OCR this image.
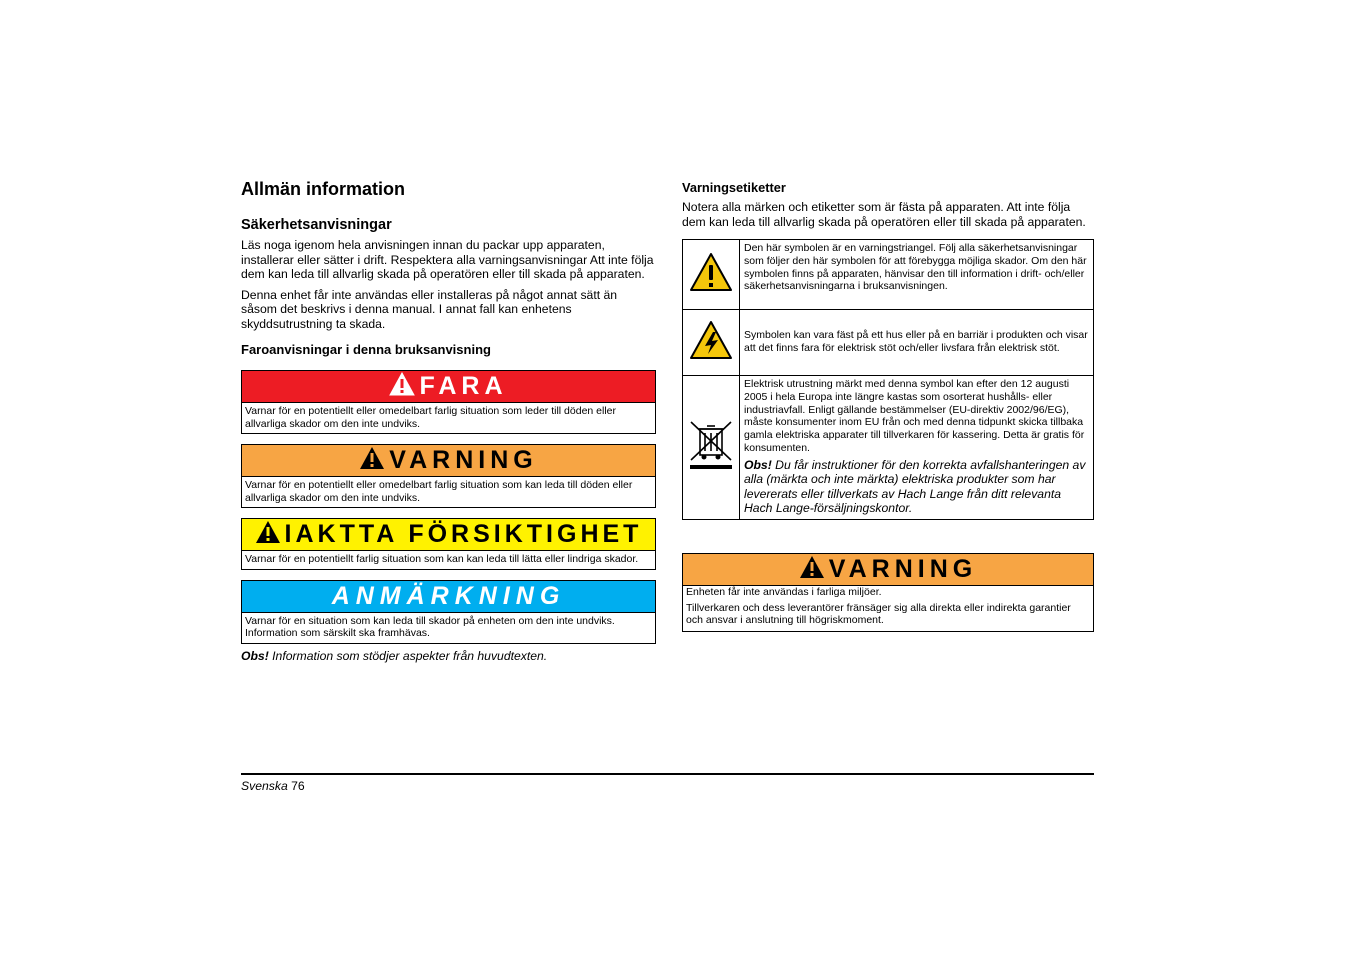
Allmän information
Säkerhetsanvisningar

Läs noga igenom hela anvisningen innan du packar upp apparaten, installerar eller sätter i drift. Respektera alla varningsanvisningar Att inte följa dem kan leda till allvarlig skada på operatören eller till skada på apparaten.

Denna enhet får inte användas eller installeras på något annat sätt än såsom det beskrivs i denna manual. I annat fall kan enhetens skyddsutrustning ta skada.

Faroanvisningar i denna bruksanvisning
FARA
Varnar för en potentiellt eller omedelbart farlig situation som leder till döden eller allvarliga skador om den inte undviks.
VARNING
Varnar för en potentiellt eller omedelbart farlig situation som kan leda till döden eller allvarliga skador om den inte undviks.
IAKTTA FÖRSIKTIGHET
Varnar för en potentiellt farlig situation som kan kan leda till lätta eller lindriga skador.
ANMÄRKNING
Varnar för en situation som kan leda till skador på enheten om den inte undviks. Information som särskilt ska framhävas.
Obs! Information som stödjer aspekter från huvudtexten.
Varningsetiketter

Notera alla märken och etiketter som är fästa på apparaten. Att inte följa dem kan leda till allvarlig skada på operatören eller till skada på apparaten.

	Den här symbolen är en varningstriangel. Följ alla säkerhetsanvisningar som följer den här symbolen för att förebygga möjliga skador. Om den här symbolen finns på apparaten, hänvisar den till information i drift- och/eller säkerhetsanvisningarna i bruksanvisningen.
	Symbolen kan vara fäst på ett hus eller på en barriär i produkten och visar att det finns fara för elektrisk stöt och/eller livsfara från elektrisk stöt.

Elektrisk utrustning märkt med denna symbol kan efter den 12 augusti 2005 i hela Europa inte längre kastas som osorterat hushålls- eller industriavfall. Enligt gällande bestämmelser (EU-direktiv 2002/96/EG), måste konsumenter inom EU från och med denna tidpunkt skicka tillbaka gamla elektriska apparater till tillverkaren för kassering. Detta är gratis för konsumenten.
Obs! Du får instruktioner för den korrekta avfallshanteringen av alla (märkta och inte märkta) elektriska produkter som har levererats eller tillverkats av Hach Lange från ditt relevanta Hach Lange-försäljningskontor.
VARNING
Enheten får inte användas i farliga miljöer.
Tillverkaren och dess leverantörer fränsäger sig alla direkta eller indirekta garantier och ansvar i anslutning till högriskmoment.
Svenska 76
